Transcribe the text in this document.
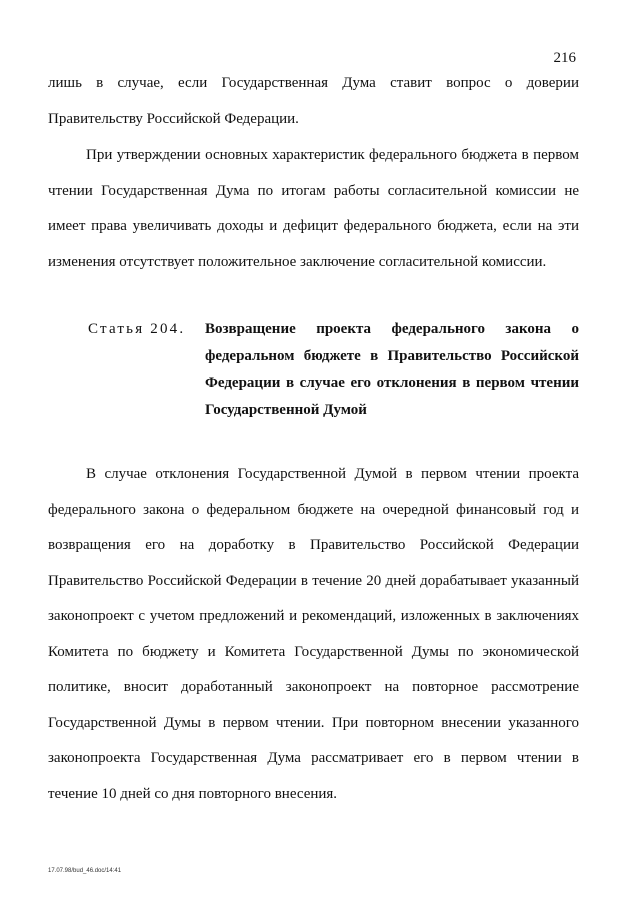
216

лишь в случае, если Государственная Дума ставит вопрос о доверии Правительству Российской Федерации.

При утверждении основных характеристик федерального бюджета в первом чтении Государственная Дума по итогам работы согласительной комиссии не имеет права увеличивать доходы и дефицит федерального бюджета, если на эти изменения отсутствует положительное заключение согласительной комиссии.

Статья 204. Возвращение проекта федерального закона о федеральном бюджете в Правительство Российской Федерации в случае его отклонения в первом чтении Государственной Думой

В случае отклонения Государственной Думой в первом чтении проекта федерального закона о федеральном бюджете на очередной финансовый год и возвращения его на доработку в Правительство Российской Федерации Правительство Российской Федерации в течение 20 дней дорабатывает указанный законопроект с учетом предложений и рекомендаций, изложенных в заключениях Комитета по бюджету и Комитета Государственной Думы по экономической политике, вносит доработанный законопроект на повторное рассмотрение Государственной Думы в первом чтении. При повторном внесении указанного законопроекта Государственная Дума рассматривает его в первом чтении в течение 10 дней со дня повторного внесения.

17.07.98/bud_46.doc/14:41
